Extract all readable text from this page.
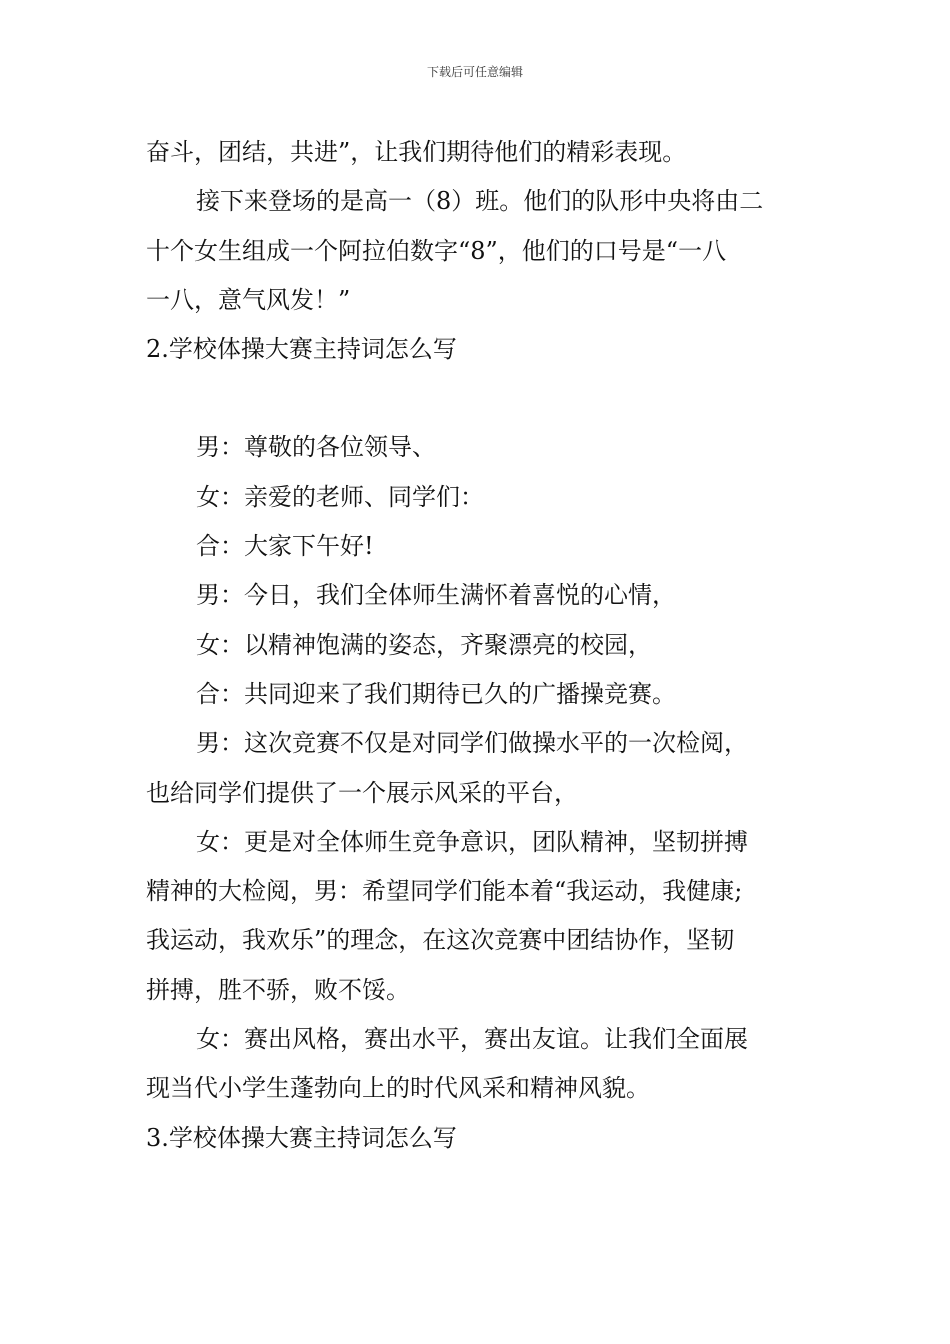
下载后可任意编辑

奋斗，团结，共进”，让我们期待他们的精彩表现。

接下来登场的是高一（8）班。他们的队形中央将由二

十个女生组成一个阿拉伯数字“8”，他们的口号是“一八

一八，意气风发！”

2.学校体操大赛主持词怎么写

男：尊敬的各位领导、

女：亲爱的老师、同学们：

合：大家下午好!

男：今日，我们全体师生满怀着喜悦的心情，

女：以精神饱满的姿态，齐聚漂亮的校园，

合：共同迎来了我们期待已久的广播操竞赛。

男：这次竞赛不仅是对同学们做操水平的一次检阅，

也给同学们提供了一个展示风采的平台，

女：更是对全体师生竞争意识，团队精神，坚韧拼搏

精神的大检阅，男：希望同学们能本着“我运动，我健康;

我运动，我欢乐”的理念，在这次竞赛中团结协作，坚韧

拼搏，胜不骄，败不馁。

女：赛出风格，赛出水平，赛出友谊。让我们全面展

现当代小学生蓬勃向上的时代风采和精神风貌。

3.学校体操大赛主持词怎么写
